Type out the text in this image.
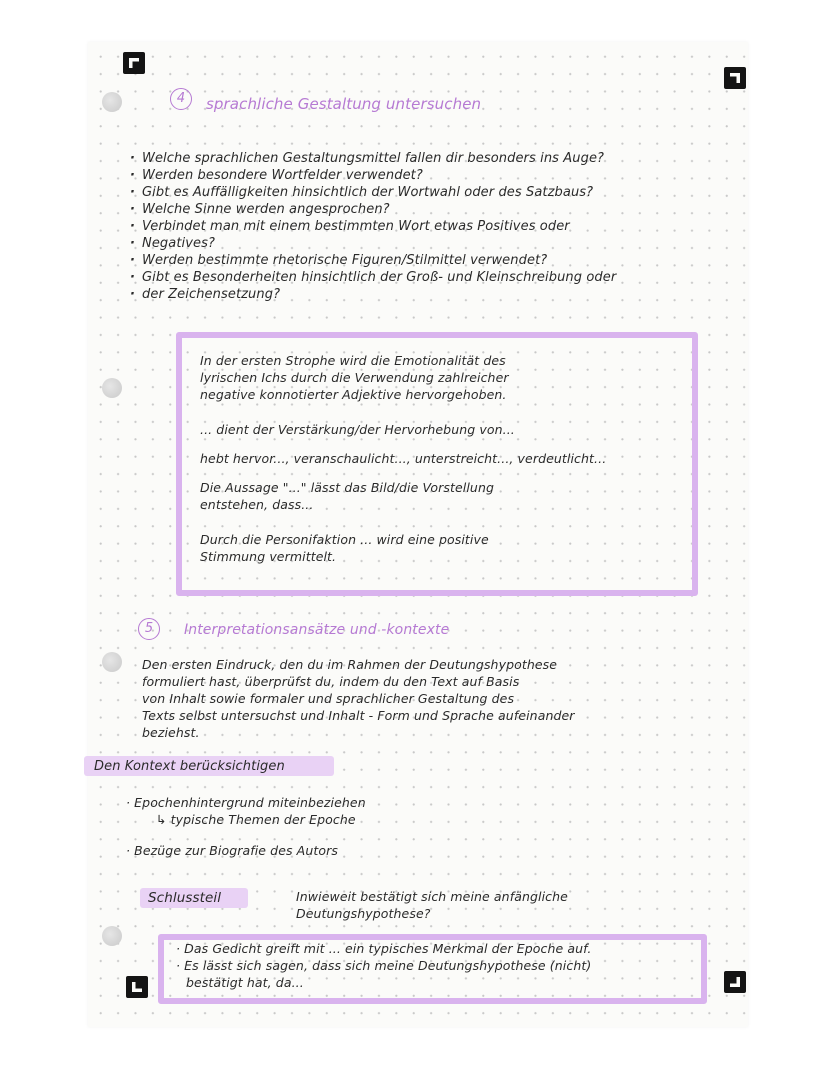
4	sprachliche Gestaltung untersuchen
· Welche sprachlichen Gestaltungsmittel fallen dir besonders ins Auge?
· Werden besondere Wortfelder verwendet?
· Gibt es Auffälligkeiten hinsichtlich der Wortwahl oder des Satzbaus?
· Welche Sinne werden angesprochen?
· Verbindet man mit einem bestimmten Wort etwas Positives oder
· Negatives?
· Werden bestimmte rhetorische Figuren/Stilmittel verwendet?
· Gibt es Besonderheiten hinsichtlich der Groß- und Kleinschreibung oder
· der Zeichensetzung?
In der ersten Strophe wird die Emotionalität des
lyrischen Ichs durch die Verwendung zahlreicher
negative konnotierter Adjektive hervorgehoben.
... dient der Verstärkung/der Hervorhebung von...
hebt hervor..., veranschaulicht..., unterstreicht..., verdeutlicht...
Die Aussage "..." lässt das Bild/die Vorstellung
entstehen, dass...
Durch die Personifaktion ... wird eine positive
Stimmung vermittelt.
5	Interpretationsansätze und -kontexte
Den ersten Eindruck, den du im Rahmen der Deutungshypothese
formuliert hast, überprüfst du, indem du den Text auf Basis
von Inhalt sowie formaler und sprachlicher Gestaltung des
Texts selbst untersuchst und Inhalt - Form und Sprache aufeinander
beziehst.
Den Kontext berücksichtigen
· Epochenhintergrund miteinbeziehen
↳ typische Themen der Epoche
· Bezüge zur Biografie des Autors
Schlussteil	Inwieweit bestätigt sich meine anfängliche
Deutungshypothese?
· Das Gedicht greift mit ... ein typisches Merkmal der Epoche auf.
· Es lässt sich sagen, dass sich meine Deutungshypothese (nicht)
bestätigt hat, da...
